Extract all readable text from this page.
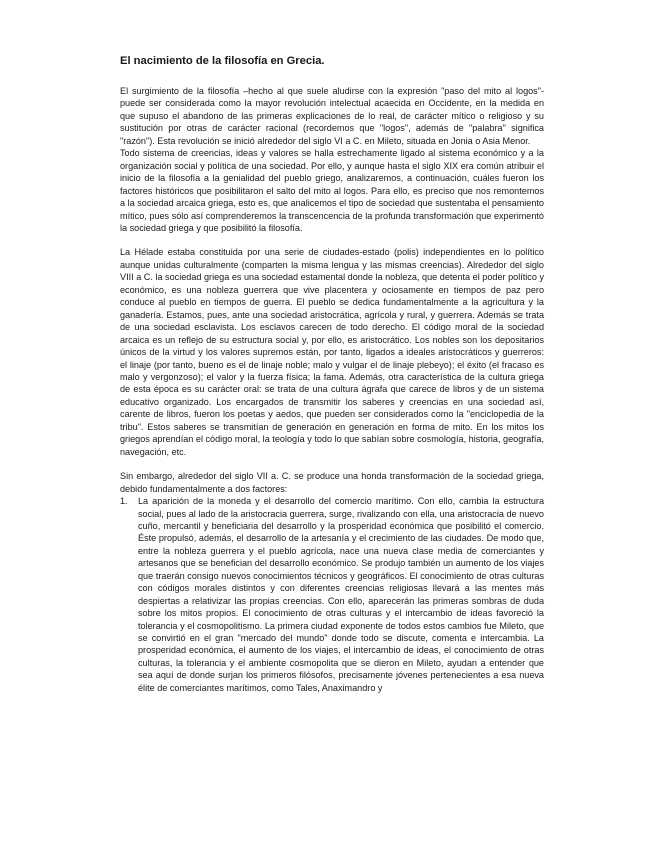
El nacimiento de la filosofía en Grecia.

El surgimiento de la filosofía –hecho al que suele aludirse con la expresión "paso del mito al logos"- puede ser considerada como la mayor revolución intelectual acaecida en Occidente, en la medida en que supuso el abandono de las primeras explicaciones de lo real, de carácter mítico o religioso y su sustitución por otras de carácter racional (recordemos que "logos", además de "palabra" significa "razón"). Esta revolución se inició alrededor del siglo VI a C. en Mileto, situada en Jonia o Asia Menor.

Todo sistema de creencias, ideas y valores se halla estrechamente ligado al sistema económico y a la organización social y política de una sociedad. Por ello, y aunque hasta el siglo XIX era común atribuir el inicio de la filosofía a la genialidad del pueblo griego, analizaremos, a continuación, cuáles fueron los factores históricos que posibilitaron el salto del mito al logos. Para ello, es preciso que nos remontemos a la sociedad arcaica griega, esto es, que analicemos el tipo de sociedad que sustentaba el pensamiento mítico, pues sólo así comprenderemos la transcencencia de la profunda transformación que experimentó la sociedad griega y que posibilitó la filosofía.

La Hélade estaba constituida por una serie de ciudades-estado (polis) independientes en lo político aunque unidas culturalmente (comparten la misma lengua y las mismas creencias). Alrededor del siglo VIII a C. la sociedad griega es una sociedad estamental donde la nobleza, que detenta el poder político y económico, es una nobleza guerrera que vive placentera y ociosamente en tiempos de paz pero conduce al pueblo en tiempos de guerra. El pueblo se dedica fundamentalmente a la agricultura y la ganadería. Estamos, pues, ante una sociedad aristocrática, agrícola y rural, y guerrera. Además se trata de una sociedad esclavista. Los esclavos carecen de todo derecho. El código moral de la sociedad arcaica es un reflejo de su estructura social y, por ello, es aristocrático. Los nobles son los depositarios únicos de la virtud y los valores supremos están, por tanto, ligados a ideales aristocráticos y guerreros: el linaje (por tanto, bueno es el de linaje noble; malo y vulgar el de linaje plebeyo); el éxito (el fracaso es malo y vergonzoso); el valor y la fuerza física; la fama. Además, otra característica de la cultura griega de esta época es su carácter oral: se trata de una cultura ágrafa que carece de libros y de un sistema educativo organizado. Los encargados de transmitir los saberes y creencias en una sociedad así, carente de libros, fueron los poetas y aedos, que pueden ser considerados como la "enciclopedia de la tribu". Estos saberes se transmitían de generación en generación en forma de mito. En los mitos los griegos aprendían el código moral, la teología y todo lo que sabían sobre cosmología, historia, geografía, navegación, etc.

Sin embargo, alrededor del siglo VII a. C. se produce una honda transformación de la sociedad griega, debido fundamentalmente a dos factores:

1. La aparición de la moneda y el desarrollo del comercio marítimo. Con ello, cambia la estructura social, pues al lado de la aristocracia guerrera, surge, rivalizando con ella, una aristocracia de nuevo cuño, mercantil y beneficiaria del desarrollo y la prosperidad económica que posibilitó el comercio. Éste propulsó, además, el desarrollo de la artesanía y el crecimiento de las ciudades. De modo que, entre la nobleza guerrera y el pueblo agrícola, nace una nueva clase media de comerciantes y artesanos que se benefician del desarrollo económico. Se produjo también un aumento de los viajes que traerán consigo nuevos conocimientos técnicos y geográficos. El conocimiento de otras culturas con códigos morales distintos y con diferentes creencias religiosas llevará a las mentes más despiertas a relativizar las propias creencias. Con ello, aparecerán las primeras sombras de duda sobre los mitos propios. El conocimiento de otras culturas y el intercambio de ideas favoreció la tolerancia y el cosmopolitismo. La primera ciudad exponente de todos estos cambios fue Mileto, que se convirtió en el gran "mercado del mundo" donde todo se discute, comenta e intercambia. La prosperidad económica, el aumento de los viajes, el intercambio de ideas, el conocimiento de otras culturas, la tolerancia y el ambiente cosmopolita que se dieron en Mileto, ayudan a entender que sea aquí de donde surjan los primeros filósofos, precisamente jóvenes pertenecientes a esa nueva élite de comerciantes marítimos, como Tales, Anaximandro y
